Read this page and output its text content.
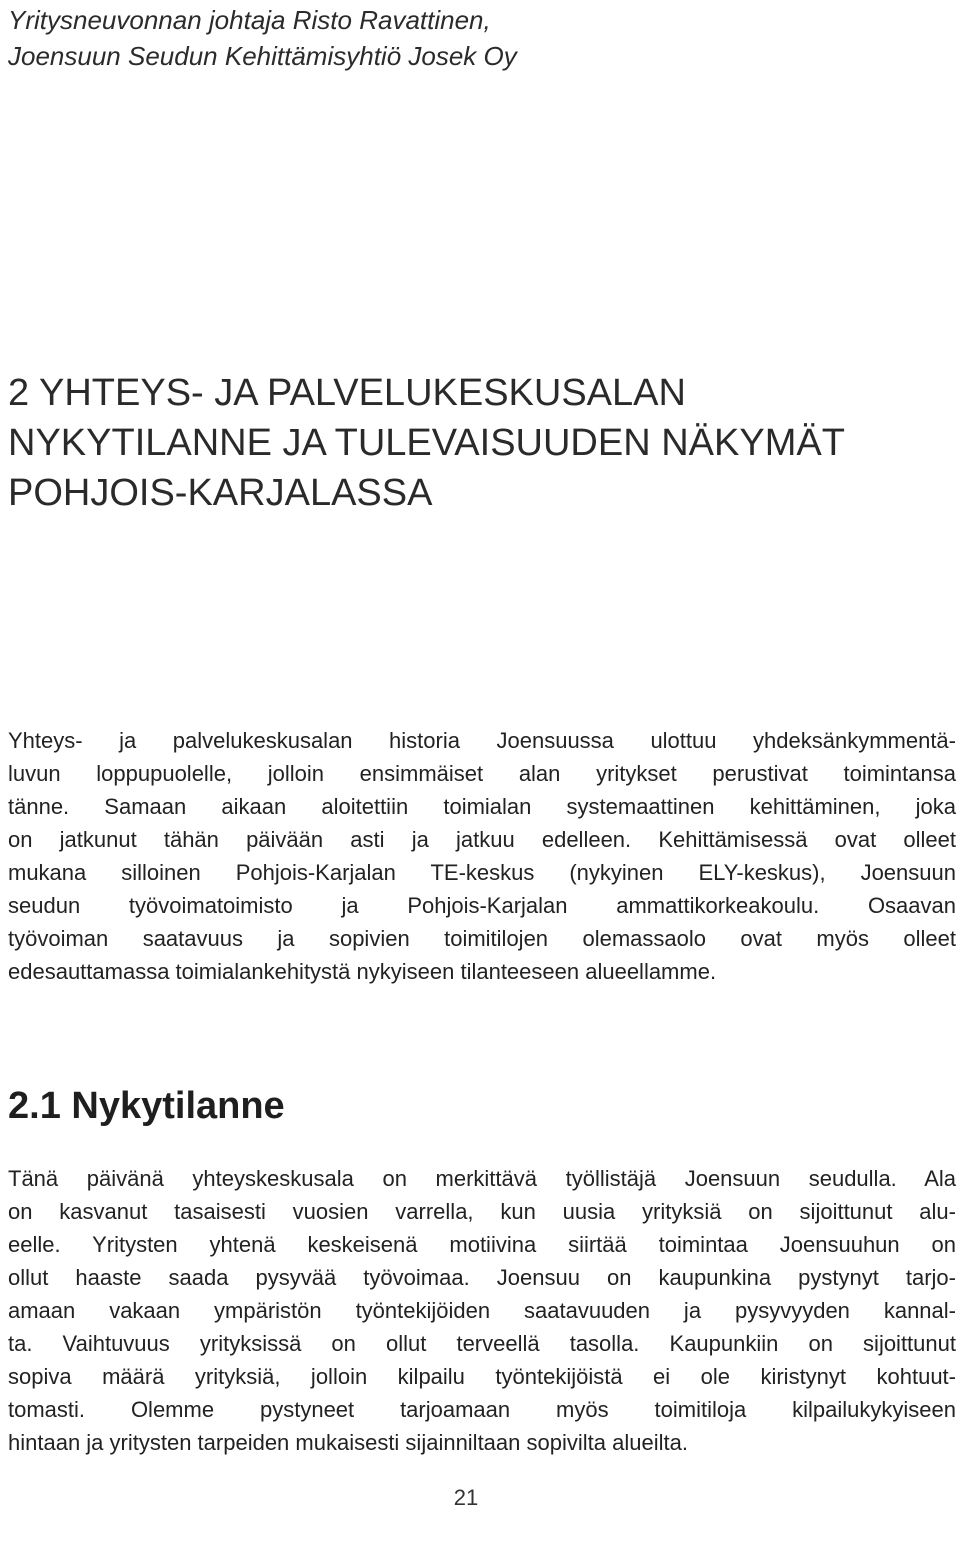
Yritysneuvonnan johtaja Risto Ravattinen,
Joensuun Seudun Kehittämisyhtiö Josek Oy
2 YHTEYS- JA PALVELUKESKUSALAN
NYKYTILANNE JA TULEVAISUUDEN NÄKYMÄT
POHJOIS-KARJALASSA
Yhteys- ja palvelukeskusalan historia Joensuussa ulottuu yhdeksänkymmentä-
luvun loppupuolelle, jolloin ensimmäiset alan yritykset perustivat toimintansa
tänne. Samaan aikaan aloitettiin toimialan systemaattinen kehittäminen, joka
on jatkunut tähän päivään asti ja jatkuu edelleen. Kehittämisessä ovat olleet
mukana silloinen Pohjois-Karjalan TE-keskus (nykyinen ELY-keskus), Joensuun
seudun työvoimatoimisto ja Pohjois-Karjalan ammattikorkeakoulu. Osaavan
työvoiman saatavuus ja sopivien toimitilojen olemassaolo ovat myös olleet
edesauttamassa toimialankehitystä nykyiseen tilanteeseen alueellamme.
2.1 Nykytilanne
Tänä päivänä yhteyskeskusala on merkittävä työllistäjä Joensuun seudulla. Ala
on kasvanut tasaisesti vuosien varrella, kun uusia yrityksiä on sijoittunut alu-
eelle. Yritysten yhtenä keskeisenä motiivina siirtää toimintaa Joensuuhun on
ollut haaste saada pysyvää työvoimaa. Joensuu on kaupunkina pystynyt tarjo-
amaan vakaan ympäristön työntekijöiden saatavuuden ja pysyvyyden kannal-
ta. Vaihtuvuus yrityksissä on ollut terveellä tasolla. Kaupunkiin on sijoittunut
sopiva määrä yrityksiä, jolloin kilpailu työntekijöistä ei ole kiristynyt kohtuut-
tomasti. Olemme pystyneet tarjoamaan myös toimitiloja kilpailukykyiseen
hintaan ja yritysten tarpeiden mukaisesti sijainniltaan sopivilta alueilta.
21
